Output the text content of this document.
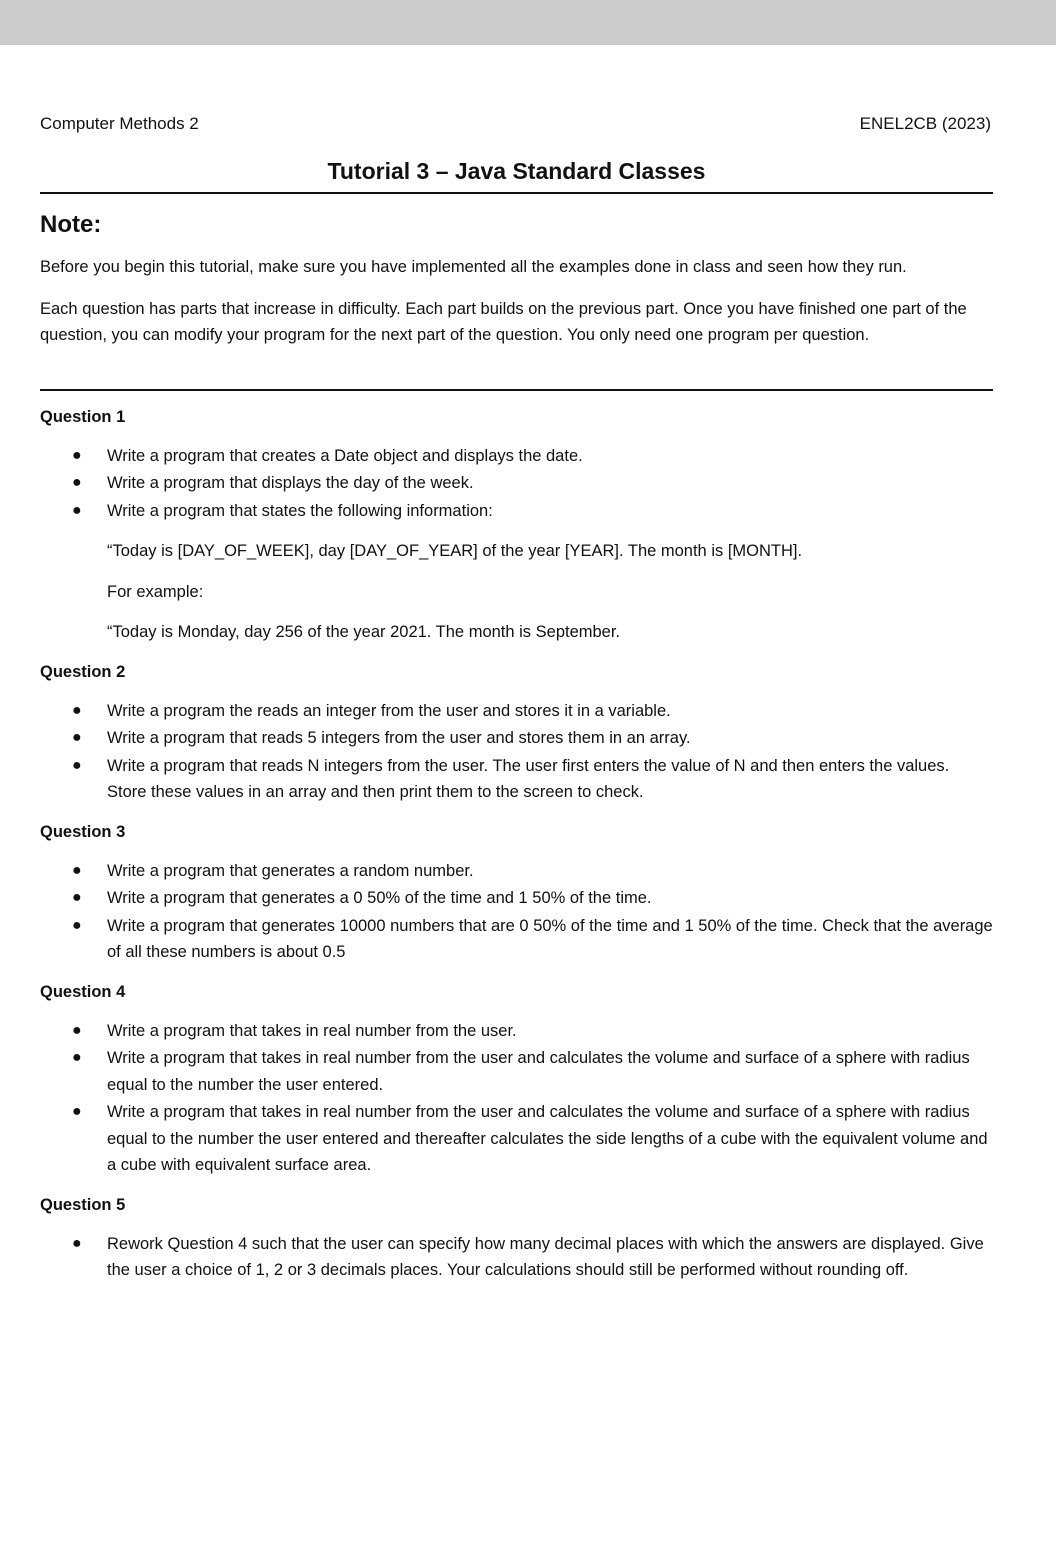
Computer Methods 2	ENEL2CB (2023)
Tutorial 3 – Java Standard Classes
Note:

Before you begin this tutorial, make sure you have implemented all the examples done in class and seen how they run.

Each question has parts that increase in difficulty. Each part builds on the previous part. Once you have finished one part of the question, you can modify your program for the next part of the question. You only need one program per question.

Question 1
● Write a program that creates a Date object and displays the date.
● Write a program that displays the day of the week.
● Write a program that states the following information:

“Today is [DAY_OF_WEEK], day [DAY_OF_YEAR] of the year [YEAR]. The month is [MONTH].

For example:

“Today is Monday, day 256 of the year 2021. The month is September.

Question 2
● Write a program the reads an integer from the user and stores it in a variable.
● Write a program that reads 5 integers from the user and stores them in an array.
● Write a program that reads N integers from the user. The user first enters the value of N and then enters the values. Store these values in an array and then print them to the screen to check.
Question 3
● Write a program that generates a random number.
● Write a program that generates a 0 50% of the time and 1 50% of the time.
● Write a program that generates 10000 numbers that are 0 50% of the time and 1 50% of the time. Check that the average of all these numbers is about 0.5
Question 4
● Write a program that takes in real number from the user.
● Write a program that takes in real number from the user and calculates the volume and surface of a sphere with radius equal to the number the user entered.
● Write a program that takes in real number from the user and calculates the volume and surface of a sphere with radius equal to the number the user entered and thereafter calculates the side lengths of a cube with the equivalent volume and a cube with equivalent surface area.
Question 5
● Rework Question 4 such that the user can specify how many decimal places with which the answers are displayed. Give the user a choice of 1, 2 or 3 decimals places. Your calculations should still be performed without rounding off.
